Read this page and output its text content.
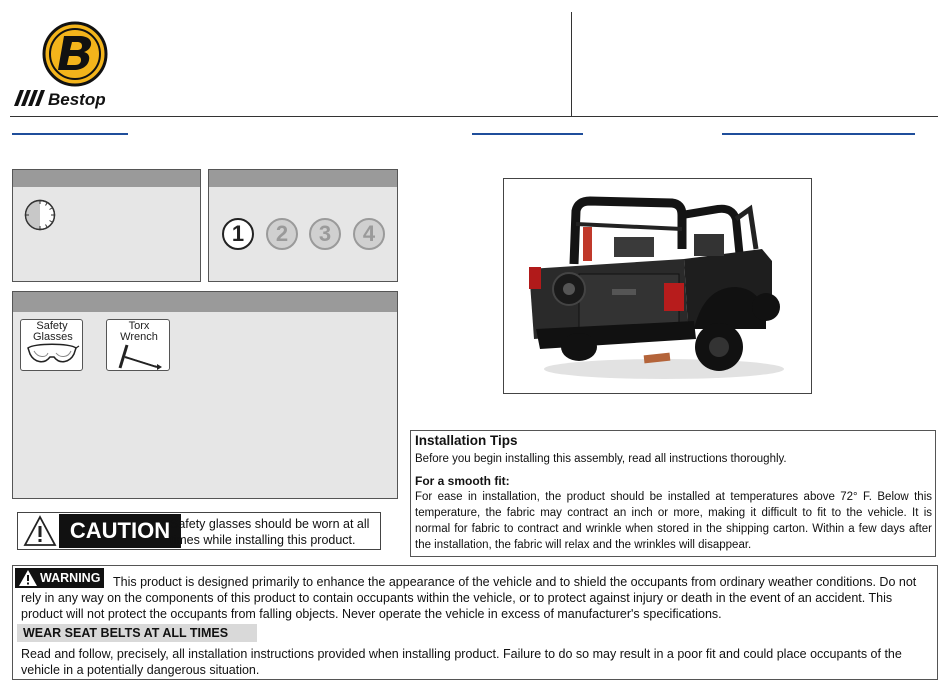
Bestop
1	2	3	4
Safety Glasses
Torx Wrench
CAUTION Safety glasses should be worn at all times while installing this product.
Installation Tips
Before you begin installing this assembly, read all instructions thoroughly.
For a smooth fit:
For ease in installation, the product should be installed at temperatures above 72° F. Below this temperature, the fabric may contract an inch or more, making it difficult to fit to the vehicle. It is normal for fabric to contract and wrinkle when stored in the shipping carton. Within a few days after the installation, the fabric will relax and the wrinkles will disappear.
This product is designed primarily to enhance the appearance of the vehicle and to shield the occupants from ordinary weather conditions. Do not rely in any way on the components of this product to contain occupants within the vehicle, or to protect against injury or death in the event of an accident. This product will not protect the occupants from falling objects. Never operate the vehicle in excess of manufacturer's specifications.
WARNING
WEAR SEAT BELTS AT ALL TIMES
Read and follow, precisely, all installation instructions provided when installing product. Failure to do so may result in a poor fit and could place occupants of the vehicle in a potentially dangerous situation.
